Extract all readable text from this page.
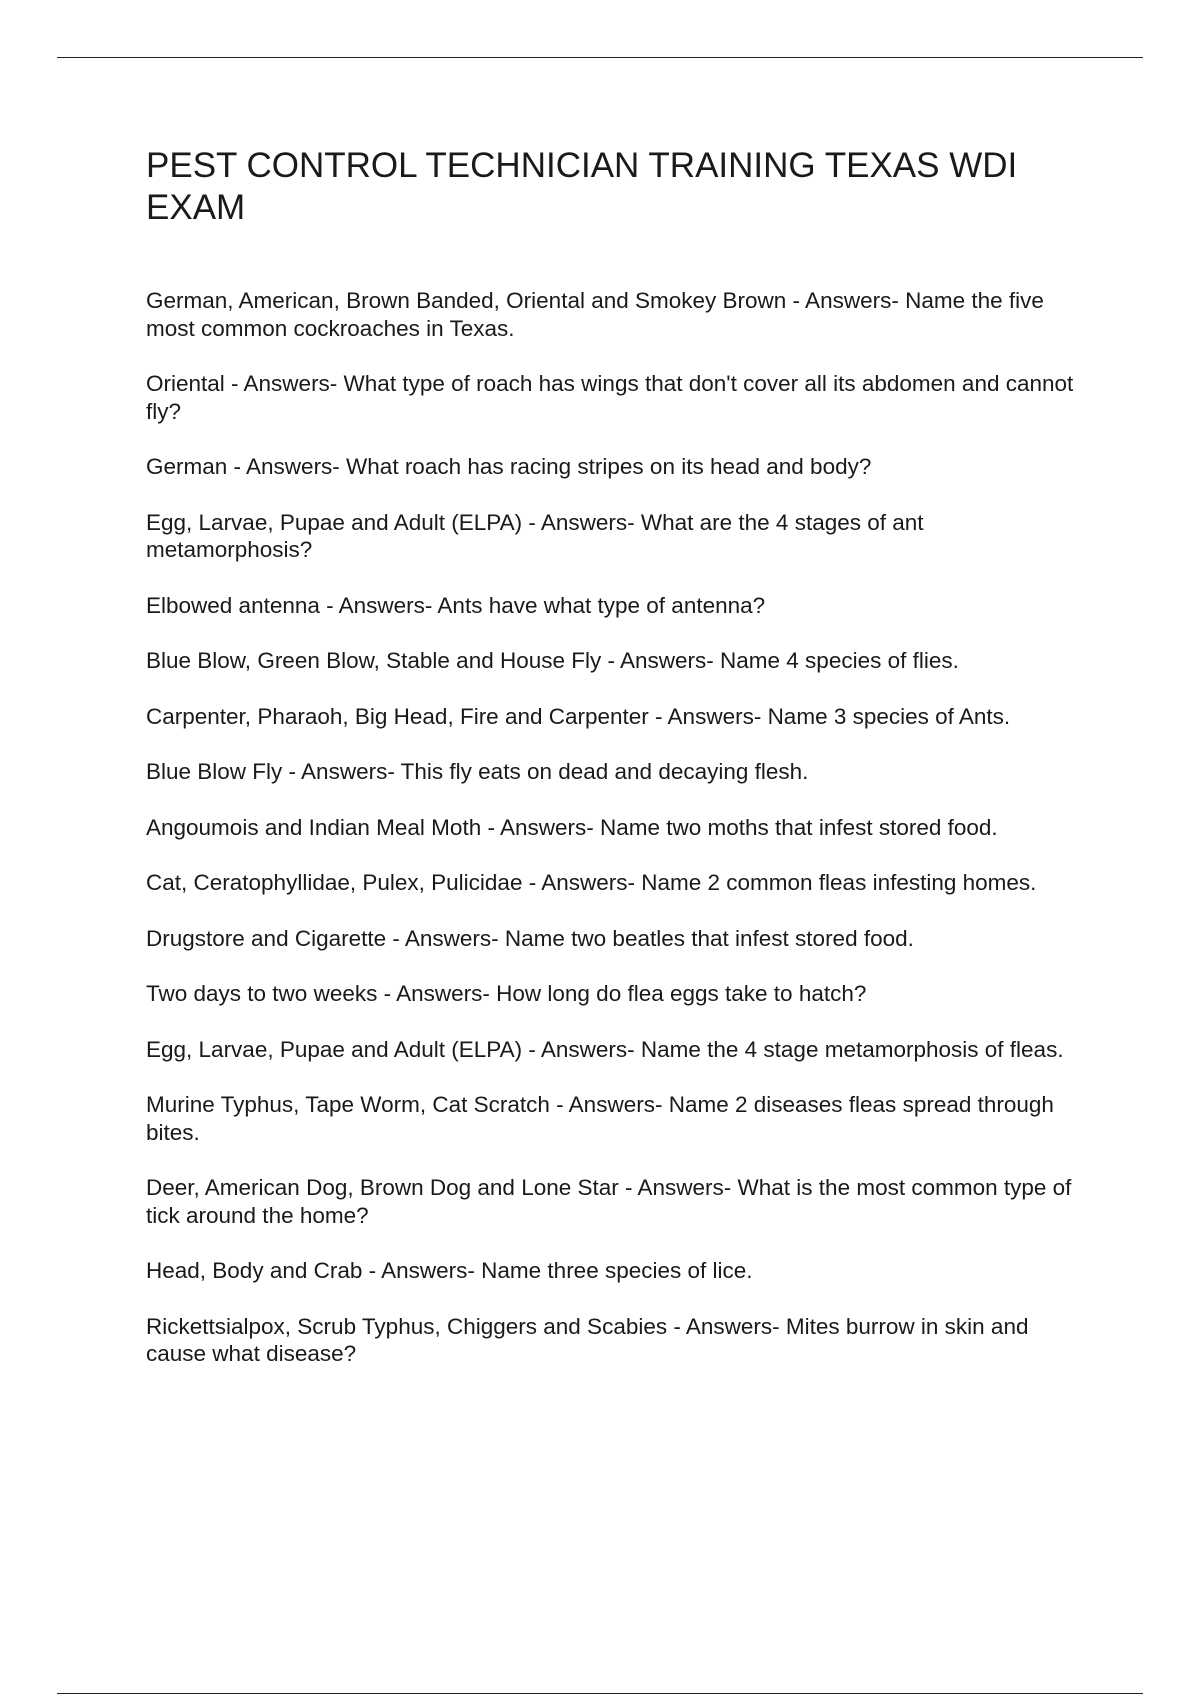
PEST CONTROL TECHNICIAN TRAINING TEXAS WDI EXAM
German, American, Brown Banded, Oriental and Smokey Brown - Answers- Name the five most common cockroaches in Texas.
Oriental - Answers- What type of roach has wings that don't cover all its abdomen and cannot fly?
German - Answers- What roach has racing stripes on its head and body?
Egg, Larvae, Pupae and Adult (ELPA) - Answers- What are the 4 stages of ant metamorphosis?
Elbowed antenna - Answers- Ants have what type of antenna?
Blue Blow, Green Blow, Stable and House Fly - Answers- Name 4 species of flies.
Carpenter, Pharaoh, Big Head, Fire and Carpenter - Answers- Name 3 species of Ants.
Blue Blow Fly - Answers- This fly eats on dead and decaying flesh.
Angoumois and Indian Meal Moth - Answers- Name two moths that infest stored food.
Cat, Ceratophyllidae, Pulex, Pulicidae - Answers- Name 2 common fleas infesting homes.
Drugstore and Cigarette - Answers- Name two beatles that infest stored food.
Two days to two weeks - Answers- How long do flea eggs take to hatch?
Egg, Larvae, Pupae and Adult (ELPA) - Answers- Name the 4 stage metamorphosis of fleas.
Murine Typhus, Tape Worm, Cat Scratch - Answers- Name 2 diseases fleas spread through bites.
Deer, American Dog, Brown Dog and Lone Star - Answers- What is the most common type of tick around the home?
Head, Body and Crab - Answers- Name three species of lice.
Rickettsialpox, Scrub Typhus, Chiggers and Scabies - Answers- Mites burrow in skin and cause what disease?
